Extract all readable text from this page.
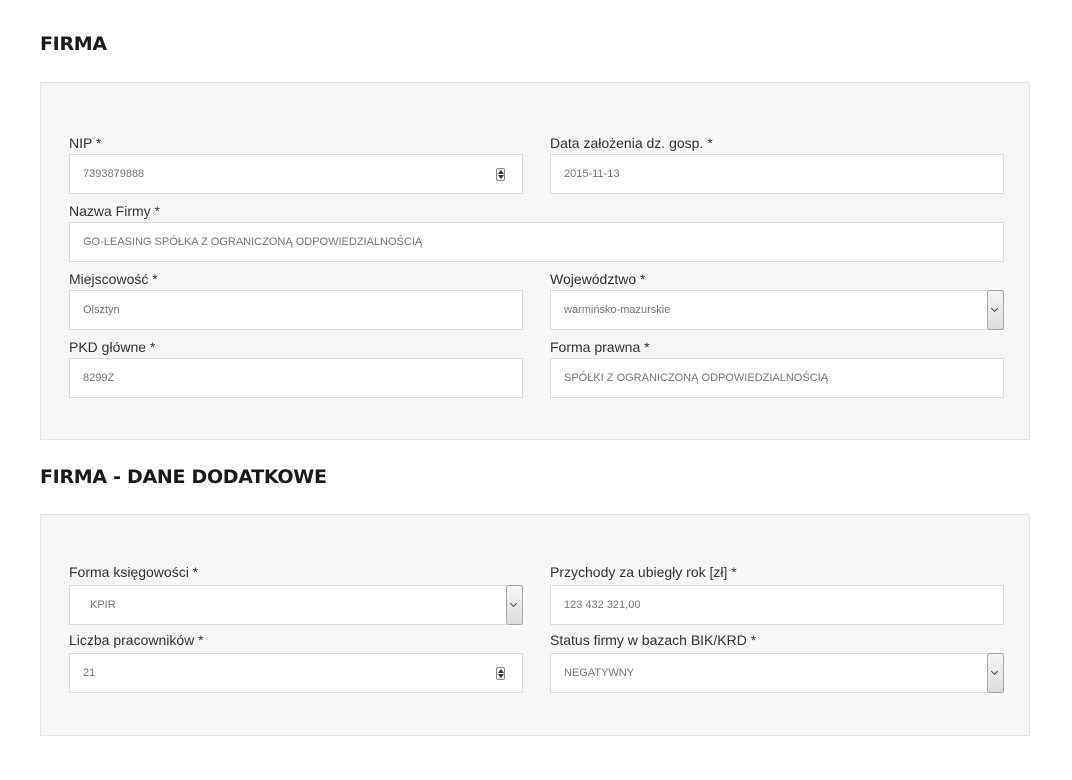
FIRMA
NIP *
7393879888	Data założenia dz. gosp. *
2015-11-13
Nazwa Firmy *
GO-LEASING SPÓŁKA Z OGRANICZONĄ ODPOWIEDZIALNOŚCIĄ
Miejscowość *
Olsztyn	Województwo *
warmińsko-mazurskie
PKD główne *
8299Z	Forma prawna *
SPÓŁKI Z OGRANICZONĄ ODPOWIEDZIALNOŚCIĄ
FIRMA - DANE DODATKOWE
Forma księgowości *
KPIR
Przychody za ubiegły rok [zł] *
123 432 321,00
Liczba pracowników *
21	Status firmy w bazach BIK/KRD *
NEGATYWNY
